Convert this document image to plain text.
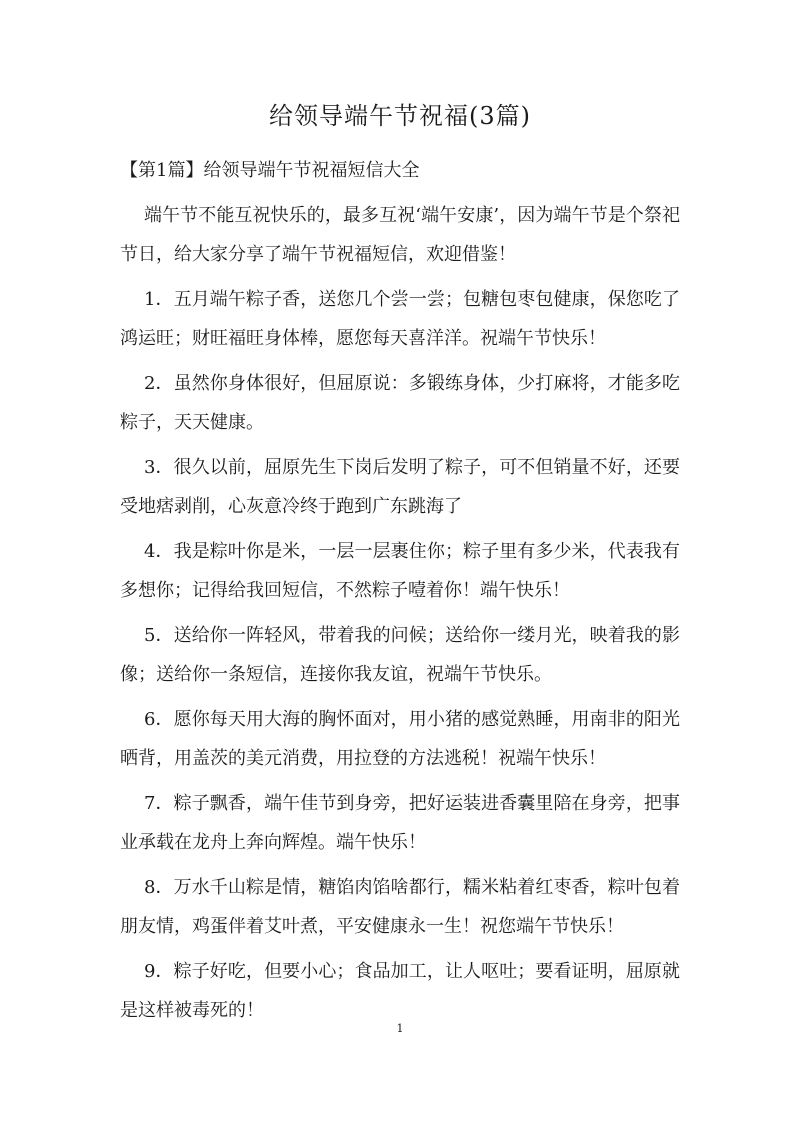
给领导端午节祝福(3篇)
【第1篇】给领导端午节祝福短信大全

端午节不能互祝快乐的，最多互祝‘端午安康’，因为端午节是个祭祀节日，给大家分享了端午节祝福短信，欢迎借鉴！

1．五月端午粽子香，送您几个尝一尝；包糖包枣包健康，保您吃了鸿运旺；财旺福旺身体棒，愿您每天喜洋洋。祝端午节快乐！

2．虽然你身体很好，但屈原说：多锻练身体，少打麻将，才能多吃粽子，天天健康。

3．很久以前，屈原先生下岗后发明了粽子，可不但销量不好，还要受地痞剥削，心灰意冷终于跑到广东跳海了

4．我是粽叶你是米，一层一层裹住你；粽子里有多少米，代表我有多想你；记得给我回短信，不然粽子噎着你！端午快乐！

5．送给你一阵轻风，带着我的问候；送给你一缕月光，映着我的影像；送给你一条短信，连接你我友谊，祝端午节快乐。

6．愿你每天用大海的胸怀面对，用小猪的感觉熟睡，用南非的阳光晒背，用盖茨的美元消费，用拉登的方法逃税！祝端午快乐！

7．粽子飘香，端午佳节到身旁，把好运装进香囊里陪在身旁，把事业承载在龙舟上奔向辉煌。端午快乐！

8．万水千山粽是情，糖馅肉馅啥都行，糯米粘着红枣香，粽叶包着朋友情，鸡蛋伴着艾叶煮，平安健康永一生！祝您端午节快乐！

9．粽子好吃，但要小心；食品加工，让人呕吐；要看证明，屈原就是这样被毒死的！

1
